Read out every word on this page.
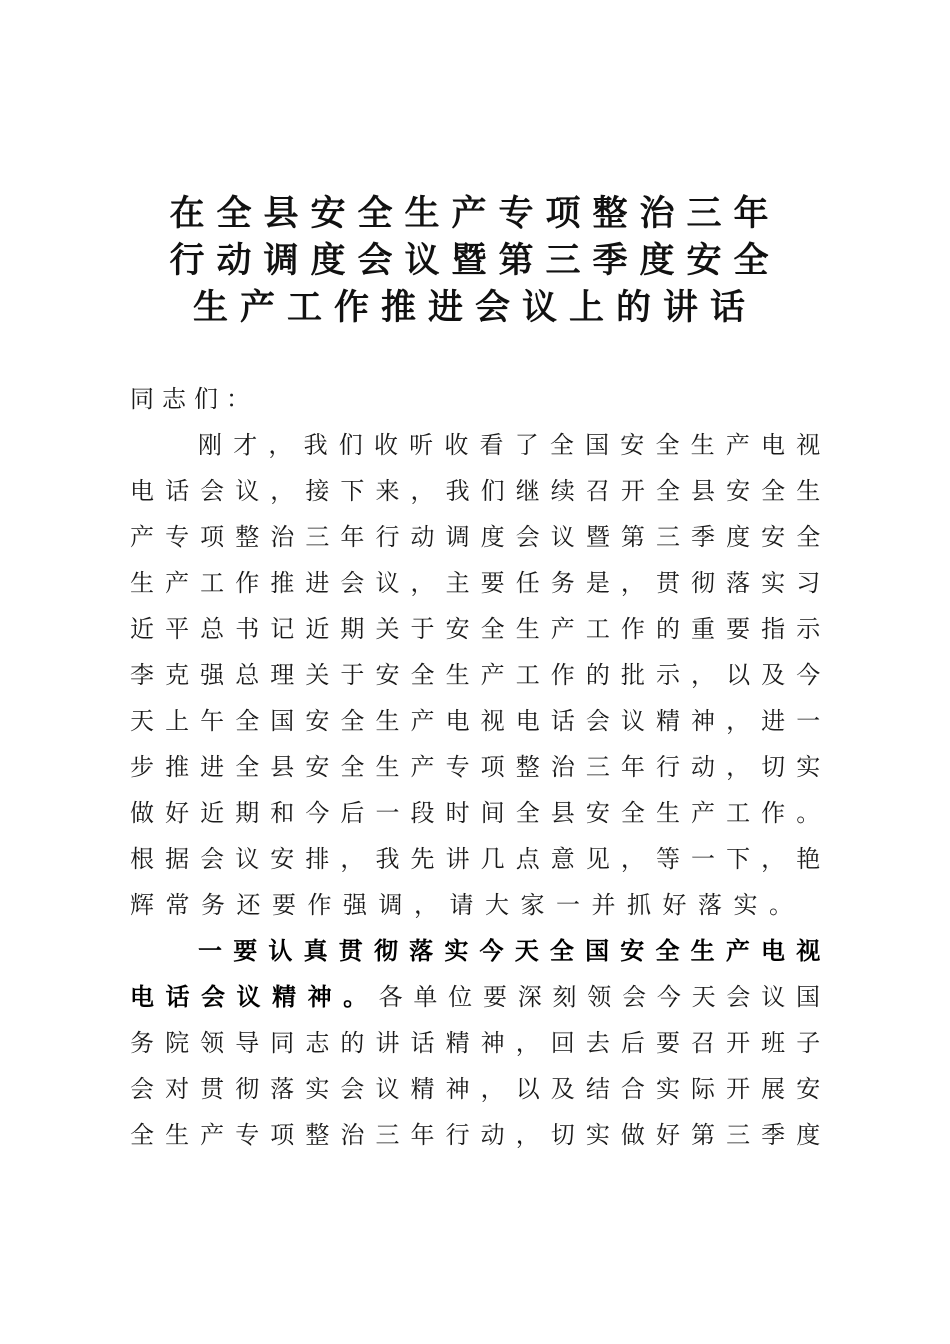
在全县安全生产专项整治三年
行动调度会议暨第三季度安全
生产工作推进会议上的讲话
同志们：
刚 才 ， 我 们 收 听 收 看 了 全 国 安 全 生 产 电 视
电 话 会 议 ， 接 下 来 ， 我 们 继 续 召 开 全 县 安 全 生
产 专 项 整 治 三 年 行 动 调 度 会 议 暨 第 三 季 度 安 全
生 产 工 作 推 进 会 议 ， 主 要 任 务 是 ， 贯 彻 落 实 习
近 平 总 书 记 近 期 关 于 安 全 生 产 工 作 的 重 要 指 示
李 克 强 总 理 关 于 安 全 生 产 工 作 的 批 示 ， 以 及 今
天 上 午 全 国 安 全 生 产 电 视 电 话 会 议 精 神 ， 进 一
步 推 进 全 县 安 全 生 产 专 项 整 治 三 年 行 动 ， 切 实
做 好 近 期 和 今 后 一 段 时 间 全 县 安 全 生 产 工 作 。
根 据 会 议 安 排 ， 我 先 讲 几 点 意 见 ， 等 一 下 ， 艳
辉常务还要作强调，请大家一并抓好落实。
一 要 认 真 贯 彻 落 实 今 天 全 国 安 全 生 产 电 视
电 话 会 议 精 神 。 各 单 位 要 深 刻 领 会 今 天 会 议 国
务 院 领 导 同 志 的 讲 话 精 神 ， 回 去 后 要 召 开 班 子
会 对 贯 彻 落 实 会 议 精 神 ， 以 及 结 合 实 际 开 展 安
全 生 产 专 项 整 治 三 年 行 动 ， 切 实 做 好 第 三 季 度
